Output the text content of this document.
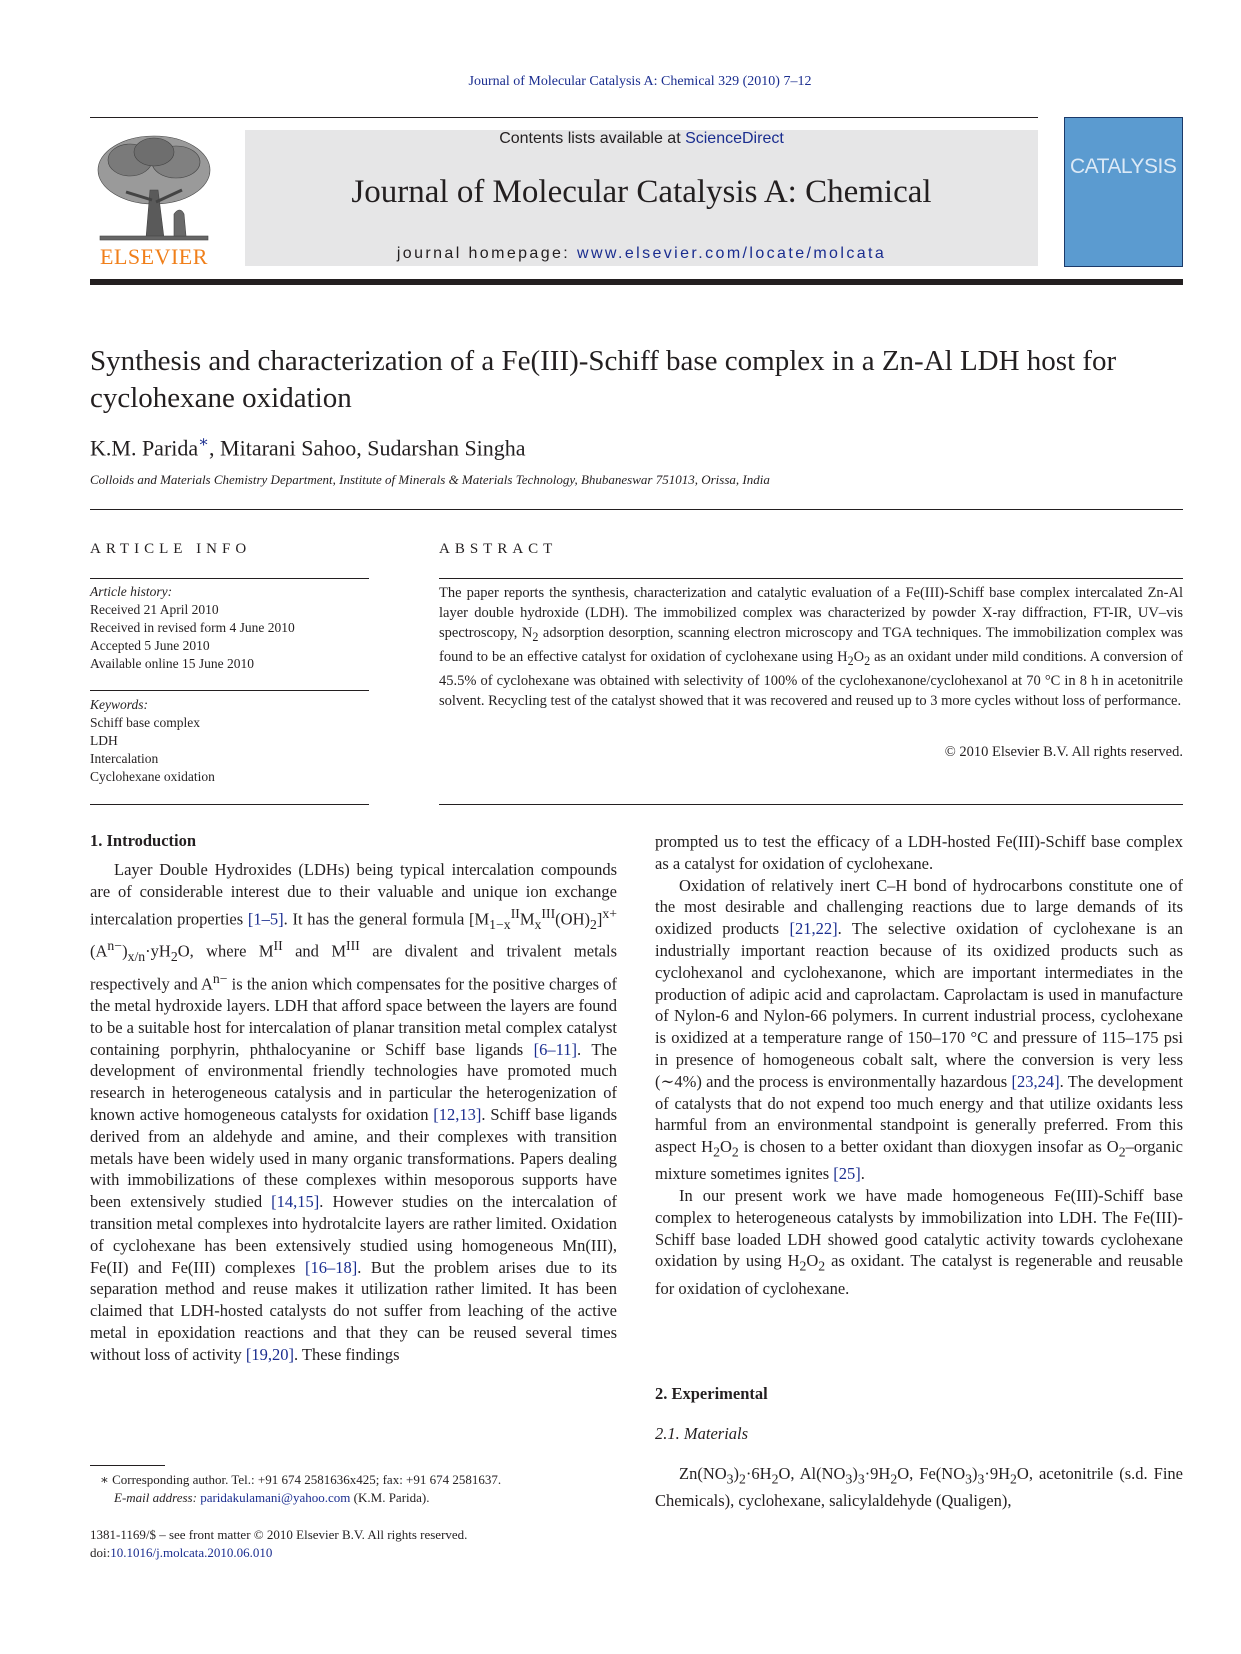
Journal of Molecular Catalysis A: Chemical 329 (2010) 7–12
ELSEVIER
Contents lists available at ScienceDirect
Journal of Molecular Catalysis A: Chemical
journal homepage: www.elsevier.com/locate/molcata
CATALYSIS
Synthesis and characterization of a Fe(III)-Schiff base complex in a Zn-Al LDH host for cyclohexane oxidation
K.M. Parida∗, Mitarani Sahoo, Sudarshan Singha
Colloids and Materials Chemistry Department, Institute of Minerals & Materials Technology, Bhubaneswar 751013, Orissa, India
ARTICLE INFO	ABSTRACT
Article history:
Received 21 April 2010
Received in revised form 4 June 2010
Accepted 5 June 2010
Available online 15 June 2010
Keywords:
Schiff base complex
LDH
Intercalation
Cyclohexane oxidation
The paper reports the synthesis, characterization and catalytic evaluation of a Fe(III)-Schiff base complex intercalated Zn-Al layer double hydroxide (LDH). The immobilized complex was characterized by powder X-ray diffraction, FT-IR, UV–vis spectroscopy, $N_2$ adsorption desorption, scanning electron microscopy and TGA techniques. The immobilization complex was found to be an effective catalyst for oxidation of cyclohexane using $H_2O_2$ as an oxidant under mild conditions. A conversion of 45.5% of cyclohexane was obtained with selectivity of 100% of the cyclohexanone/cyclohexanol at 70 °C in 8 h in acetonitrile solvent. Recycling test of the catalyst showed that it was recovered and reused up to 3 more cycles without loss of performance.
© 2010 Elsevier B.V. All rights reserved.
1. Introduction

Layer Double Hydroxides (LDHs) being typical intercalation compounds are of considerable interest due to their valuable and unique ion exchange intercalation properties [1–5]. It has the general formula $[M_{1-x}^{II}M_x^{III}(OH)_2]^{x+}$ $(A^{n-})_{x/n}\cdot yH_2O$, where $M^{II}$ and $M^{III}$ are divalent and trivalent metals respectively and $A^{n-}$ is the anion which compensates for the positive charges of the metal hydroxide layers. LDH that afford space between the layers are found to be a suitable host for intercalation of planar transition metal complex catalyst containing porphyrin, phthalocyanine or Schiff base ligands [6–11]. The development of environmental friendly technologies have promoted much research in heterogeneous catalysis and in particular the heterogenization of known active homogeneous catalysts for oxidation [12,13]. Schiff base ligands derived from an aldehyde and amine, and their complexes with transition metals have been widely used in many organic transformations. Papers dealing with immobilizations of these complexes within mesoporous supports have been extensively studied [14,15]. However studies on the intercalation of transition metal complexes into hydrotalcite layers are rather limited. Oxidation of cyclohexane has been extensively studied using homogeneous Mn(III), Fe(II) and Fe(III) complexes [16–18]. But the problem arises due to its separation method and reuse makes it utilization rather limited. It has been claimed that LDH-hosted catalysts do not suffer from leaching of the active metal in epoxidation reactions and that they can be reused several times without loss of activity [19,20]. These findings

prompted us to test the efficacy of a LDH-hosted Fe(III)-Schiff base complex as a catalyst for oxidation of cyclohexane.

Oxidation of relatively inert C–H bond of hydrocarbons constitute one of the most desirable and challenging reactions due to large demands of its oxidized products [21,22]. The selective oxidation of cyclohexane is an industrially important reaction because of its oxidized products such as cyclohexanol and cyclohexanone, which are important intermediates in the production of adipic acid and caprolactam. Caprolactam is used in manufacture of Nylon-6 and Nylon-66 polymers. In current industrial process, cyclohexane is oxidized at a temperature range of 150–170 °C and pressure of 115–175 psi in presence of homogeneous cobalt salt, where the conversion is very less (∼4%) and the process is environmentally hazardous [23,24]. The development of catalysts that do not expend too much energy and that utilize oxidants less harmful from an environmental standpoint is generally preferred. From this aspect $H_2O_2$ is chosen to a better oxidant than dioxygen insofar as $O_2$–organic mixture sometimes ignites [25].

In our present work we have made homogeneous Fe(III)-Schiff base complex to heterogeneous catalysts by immobilization into LDH. The Fe(III)-Schiff base loaded LDH showed good catalytic activity towards cyclohexane oxidation by using $H_2O_2$ as oxidant. The catalyst is regenerable and reusable for oxidation of cyclohexane.

2. Experimental
2.1. Materials

$Zn(NO_3)_2\cdot 6H_2O$, $Al(NO_3)_3\cdot 9H_2O$, $Fe(NO_3)_3\cdot 9H_2O$, acetonitrile (s.d. Fine Chemicals), cyclohexane, salicylaldehyde (Qualigen),

∗ Corresponding author. Tel.: +91 674 2581636x425; fax: +91 674 2581637.
E-mail address: paridakulamani@yahoo.com (K.M. Parida).
1381-1169/$ – see front matter © 2010 Elsevier B.V. All rights reserved.
doi:10.1016/j.molcata.2010.06.010
